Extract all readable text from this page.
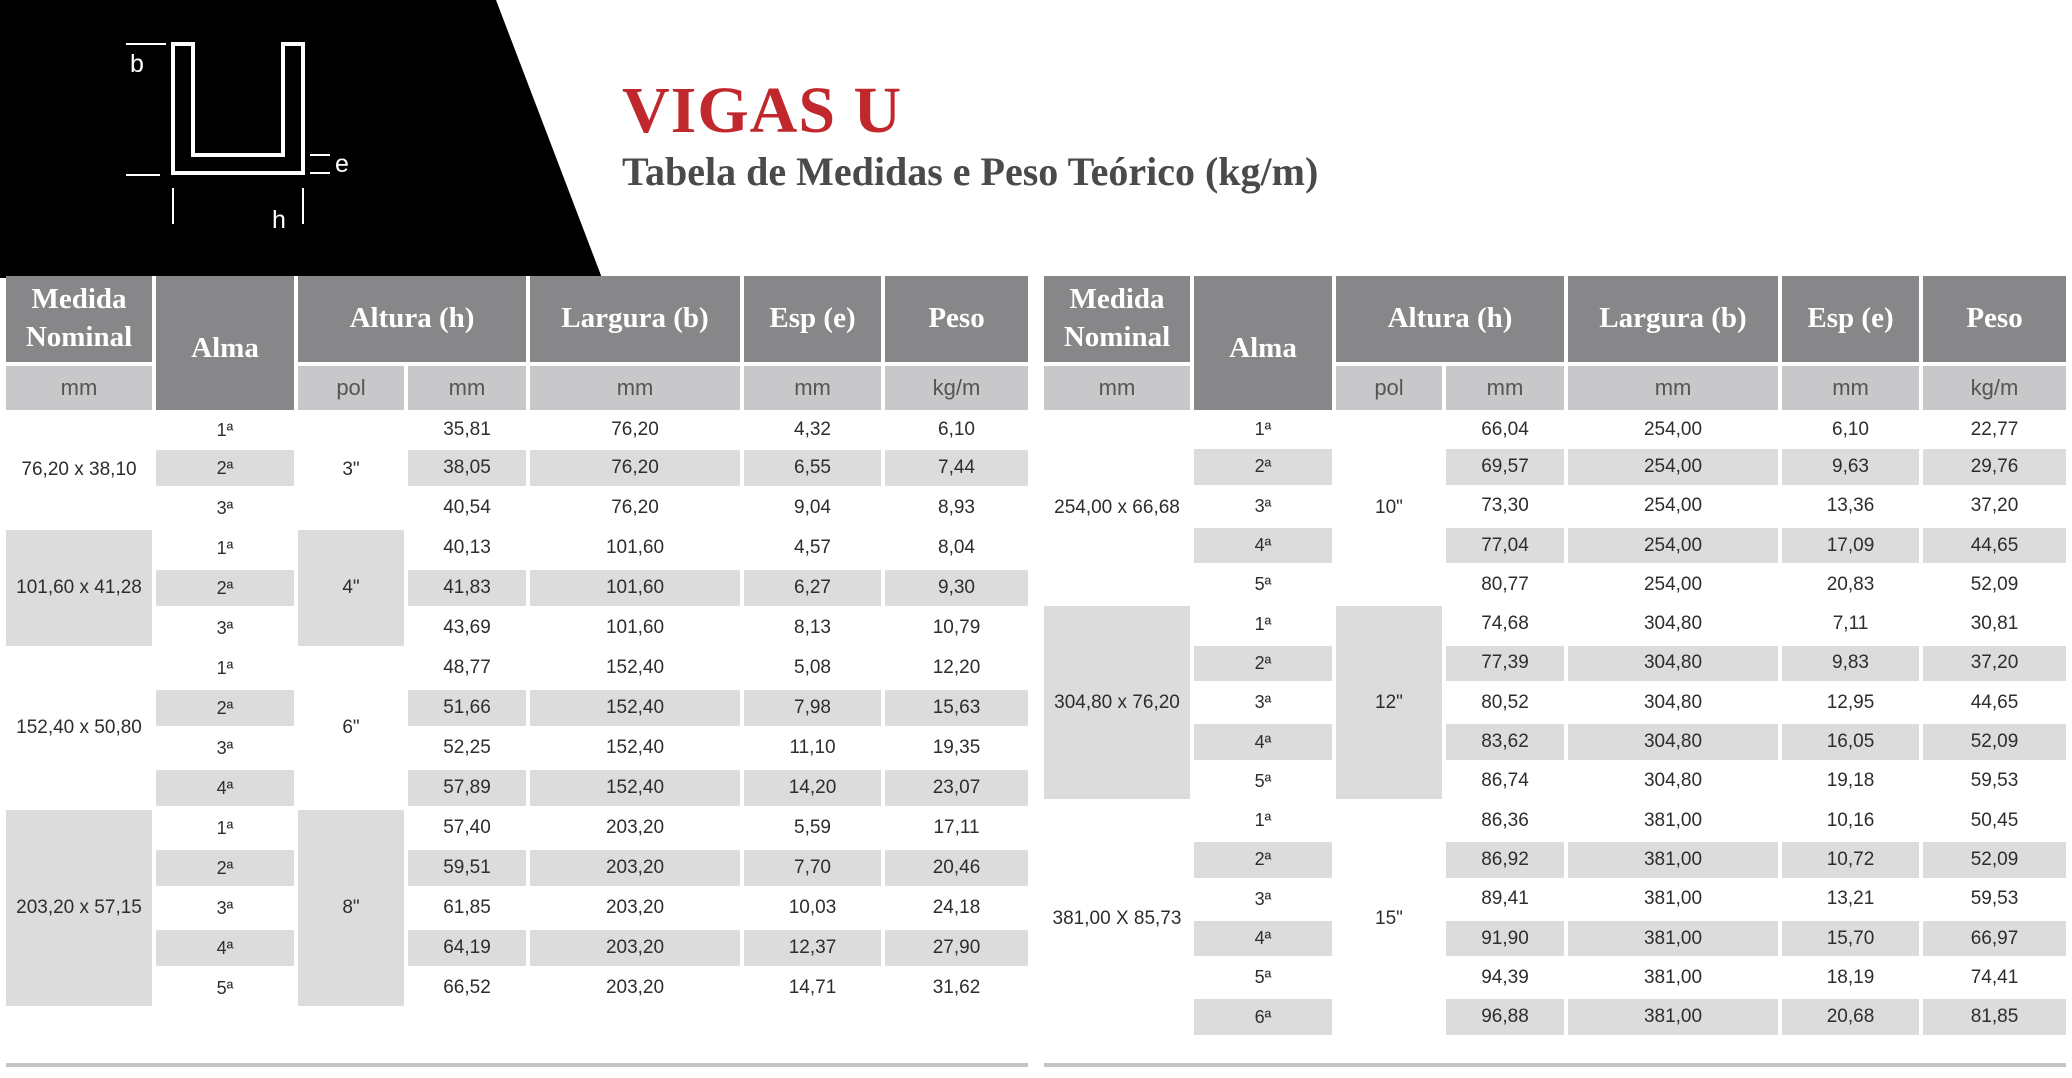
b
e
h
VIGAS U
Tabela de Medidas e Peso Teórico (kg/m)
Medida Nominal	Alma	Altura (h)		Largura (b)	Esp (e)	Peso
mm		pol	mm	mm	mm	kg/m
76,20 x 38,10	1ª	3"	35,81	76,20	4,32	6,10
	2ª		38,05	76,20	6,55	7,44
	3ª		40,54	76,20	9,04	8,93
101,60 x 41,28	1ª	4"	40,13	101,60	4,57	8,04
	2ª		41,83	101,60	6,27	9,30
	3ª		43,69	101,60	8,13	10,79
152,40 x 50,80	1ª	6"	48,77	152,40	5,08	12,20
	2ª		51,66	152,40	7,98	15,63
	3ª		52,25	152,40	11,10	19,35
	4ª		57,89	152,40	14,20	23,07
203,20 x 57,15	1ª	8"	57,40	203,20	5,59	17,11
	2ª		59,51	203,20	7,70	20,46
	3ª		61,85	203,20	10,03	24,18
	4ª		64,19	203,20	12,37	27,90
	5ª		66,52	203,20	14,71	31,62
Medida Nominal	Alma	Altura (h)		Largura (b)	Esp (e)	Peso
mm		pol	mm	mm	mm	kg/m
254,00 x 66,68	1ª	10"	66,04	254,00	6,10	22,77
	2ª		69,57	254,00	9,63	29,76
	3ª		73,30	254,00	13,36	37,20
	4ª		77,04	254,00	17,09	44,65
	5ª		80,77	254,00	20,83	52,09
304,80 x 76,20	1ª	12"	74,68	304,80	7,11	30,81
	2ª		77,39	304,80	9,83	37,20
	3ª		80,52	304,80	12,95	44,65
	4ª		83,62	304,80	16,05	52,09
	5ª		86,74	304,80	19,18	59,53
381,00 X 85,73	1ª	15"	86,36	381,00	10,16	50,45
	2ª		86,92	381,00	10,72	52,09
	3ª		89,41	381,00	13,21	59,53
	4ª		91,90	381,00	15,70	66,97
	5ª		94,39	381,00	18,19	74,41
	6ª		96,88	381,00	20,68	81,85
